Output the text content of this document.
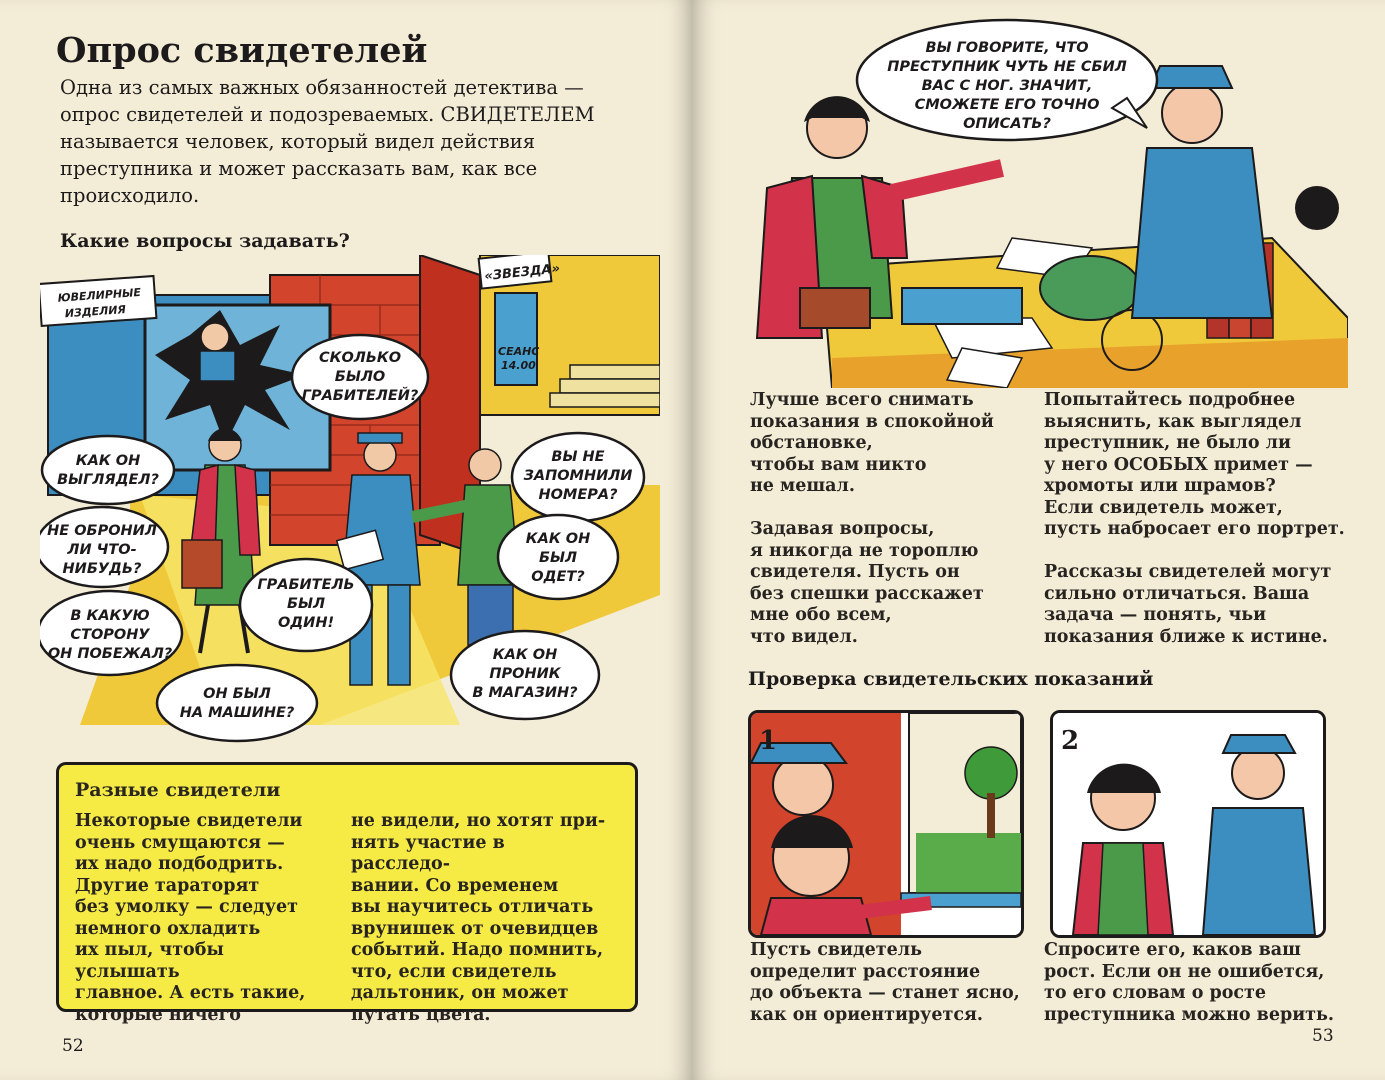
Опрос свидетелей
Одна из самых важных обязанностей детектива —
опрос свидетелей и подозреваемых. СВИДЕТЕЛЕМ
называется человек, который видел действия
преступника и может рассказать вам, как все
происходило.
Какие вопросы задавать?
«ЗВЕЗДА»
СЕАНС
14.00
ЮВЕЛИРНЫЕ
ИЗДЕЛИЯ
СКОЛЬКО
БЫЛО
ГРАБИТЕЛЕЙ?
КАК ОН
ВЫГЛЯДЕЛ?
ВЫ НЕ
ЗАПОМНИЛИ
НОМЕРА?
НЕ ОБРОНИЛ
ЛИ ЧТО-
НИБУДЬ?
КАК ОН
БЫЛ
ОДЕТ?
ГРАБИТЕЛЬ
БЫЛ
ОДИН!
В КАКУЮ
СТОРОНУ
ОН ПОБЕЖАЛ?	КАК ОН
ПРОНИК
В МАГАЗИН?
ОН БЫЛ
НА МАШИНЕ?
Разные свидетели
Некоторые свидетели
очень смущаются —
их надо подбодрить.
Другие тараторят
без умолку — следует
немного охладить
их пыл, чтобы услышать
главное. А есть такие,
которые ничего
не видели, но хотят при-
нять участие в расследо-
вании. Со временем
вы научитесь отличать
врунишек от очевидцев
событий. Надо помнить,
что, если свидетель
дальтоник, он может
путать цвета.
52
ВЫ ГОВОРИТЕ, ЧТО
ПРЕСТУПНИК ЧУТЬ НЕ СБИЛ
ВАС С НОГ. ЗНАЧИТ,
СМОЖЕТЕ ЕГО ТОЧНО
ОПИСАТЬ?
Лучше всего снимать
показания в спокойной
обстановке,
чтобы вам никто
не мешал.
Задавая вопросы,
я никогда не тороплю
свидетеля. Пусть он
без спешки расскажет
мне обо всем,
что видел.
Попытайтесь подробнее
выяснить, как выглядел
преступник, не было ли
у него ОСОБЫХ примет —
хромоты или шрамов?
Если свидетель может,
пусть набросает его портрет.
Рассказы свидетелей могут
сильно отличаться. Ваша
задача — понять, чьи
показания ближе к истине.
Проверка свидетельских показаний
1	2
Пусть свидетель
определит расстояние
до объекта — станет ясно,
как он ориентируется.
Спросите его, каков ваш
рост. Если он не ошибется,
то его словам о росте
преступника можно верить.
53
